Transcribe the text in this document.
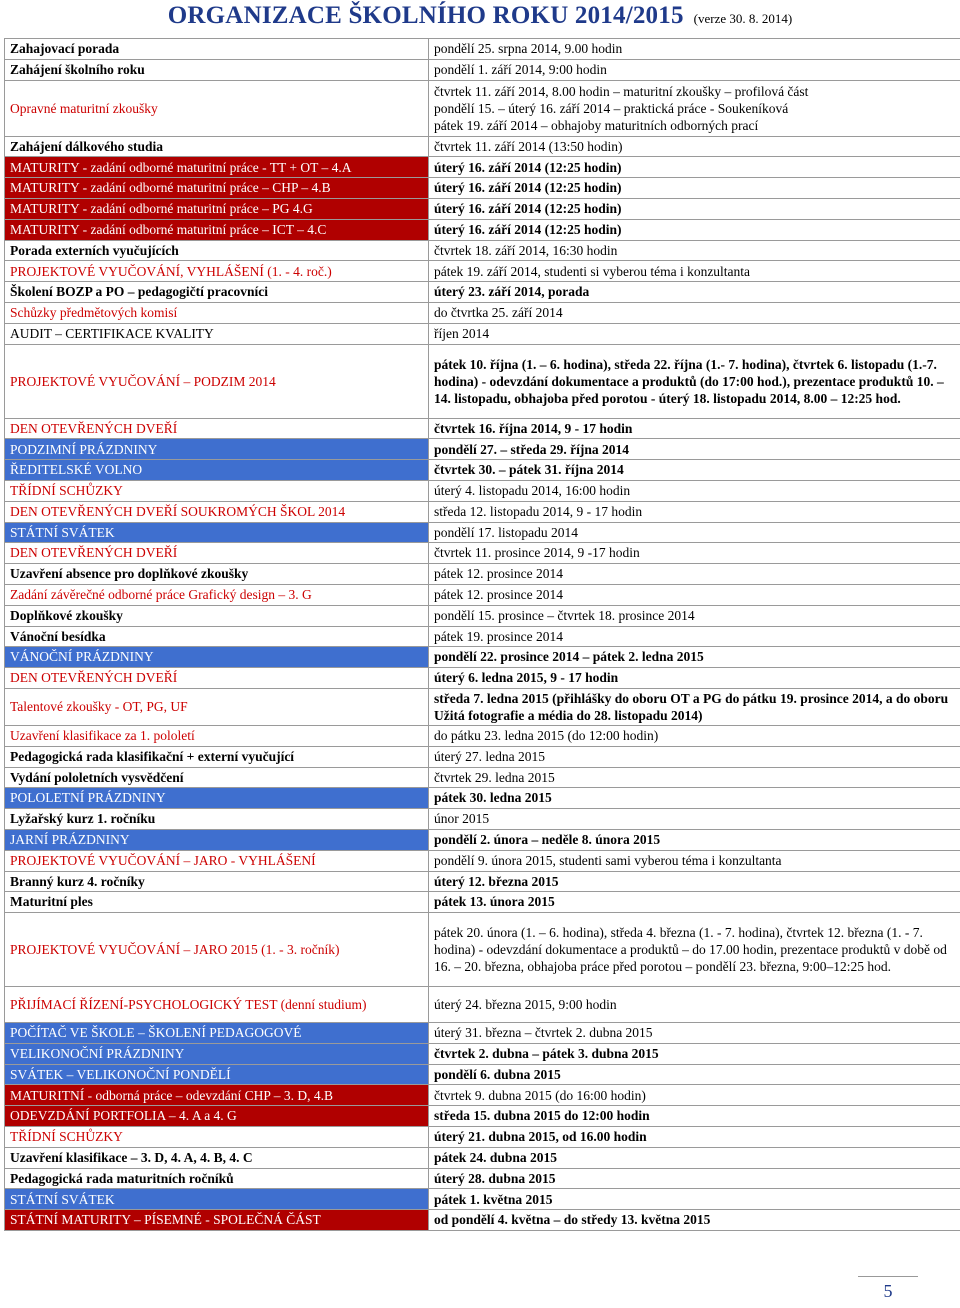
ORGANIZACE ŠKOLNÍHO ROKU 2014/2015 (verze 30. 8. 2014)
Zahajovací porada	pondělí 25. srpna 2014, 9.00 hodin
Zahájení školního roku	pondělí 1. září 2014, 9:00 hodin
Opravné maturitní zkoušky	čtvrtek 11. září 2014, 8.00 hodin – maturitní zkoušky – profilová část
pondělí 15. – úterý 16. září 2014 – praktická práce - Soukeníková
pátek 19. září 2014 – obhajoby maturitních odborných prací
Zahájení dálkového studia	čtvrtek 11. září 2014 (13:50 hodin)
MATURITY - zadání odborné maturitní práce - TT + OT – 4.A	úterý 16. září 2014 (12:25 hodin)
MATURITY - zadání odborné maturitní práce – CHP – 4.B	úterý 16. září 2014 (12:25 hodin)
MATURITY - zadání odborné maturitní práce – PG 4.G	úterý 16. září 2014 (12:25 hodin)
MATURITY - zadání odborné maturitní práce – ICT – 4.C	úterý 16. září 2014 (12:25 hodin)
Porada externích vyučujících	čtvrtek 18. září 2014, 16:30 hodin
PROJEKTOVÉ VYUČOVÁNÍ, VYHLÁŠENÍ (1. - 4. roč.)	pátek 19. září 2014, studenti si vyberou téma i konzultanta
Školení BOZP a PO – pedagogičtí pracovníci	úterý 23. září 2014, porada
Schůzky předmětových komisí	do čtvrtka 25. září 2014
AUDIT – CERTIFIKACE KVALITY	říjen 2014
PROJEKTOVÉ VYUČOVÁNÍ – PODZIM 2014	pátek 10. října (1. – 6. hodina), středa 22. října (1.- 7. hodina), čtvrtek 6. listopadu (1.-7. hodina) - odevzdání dokumentace a produktů (do 17:00 hod.), prezentace produktů 10. – 14. listopadu, obhajoba před porotou - úterý 18. listopadu 2014, 8.00 – 12:25 hod.
DEN OTEVŘENÝCH DVEŘÍ	čtvrtek 16. října 2014, 9 - 17 hodin
PODZIMNÍ PRÁZDNINY	pondělí 27. – středa 29. října 2014
ŘEDITELSKÉ VOLNO	čtvrtek 30. – pátek 31. října 2014
TŘÍDNÍ SCHŮZKY	úterý 4. listopadu 2014, 16:00 hodin
DEN OTEVŘENÝCH DVEŘÍ SOUKROMÝCH ŠKOL 2014	středa 12. listopadu 2014, 9 - 17 hodin
STÁTNÍ SVÁTEK	pondělí 17. listopadu 2014
DEN OTEVŘENÝCH DVEŘÍ	čtvrtek 11. prosince 2014, 9 -17 hodin
Uzavření absence pro doplňkové zkoušky	pátek 12. prosince 2014
Zadání závěrečné odborné práce Grafický design – 3. G	pátek 12. prosince 2014
Doplňkové zkoušky	pondělí 15. prosince – čtvrtek 18. prosince 2014
Vánoční besídka	pátek 19. prosince 2014
VÁNOČNÍ PRÁZDNINY	pondělí 22. prosince 2014 – pátek 2. ledna 2015
DEN OTEVŘENÝCH DVEŘÍ	úterý 6. ledna 2015, 9 - 17 hodin
Talentové zkoušky - OT, PG, UF	středa 7. ledna 2015 (přihlášky do oboru OT a PG do pátku 19. prosince 2014, a do oboru Užitá fotografie a média do 28. listopadu 2014)
Uzavření klasifikace za 1. pololetí	do pátku 23. ledna 2015 (do 12:00 hodin)
Pedagogická rada klasifikační + externí vyučující	úterý 27. ledna 2015
Vydání pololetních vysvědčení	čtvrtek 29. ledna 2015
POLOLETNÍ PRÁZDNINY	pátek 30. ledna 2015
Lyžařský kurz 1. ročníku	únor 2015
JARNÍ PRÁZDNINY	pondělí 2. února – neděle 8. února 2015
PROJEKTOVÉ VYUČOVÁNÍ – JARO - VYHLÁŠENÍ	pondělí 9. února 2015, studenti sami vyberou téma i konzultanta
Branný kurz 4. ročníky	úterý 12. března 2015
Maturitní ples	pátek 13. února 2015
PROJEKTOVÉ VYUČOVÁNÍ – JARO 2015 (1. - 3. ročník)	pátek 20. února (1. – 6. hodina), středa 4. března (1. - 7. hodina), čtvrtek 12. března (1. - 7. hodina) - odevzdání dokumentace a produktů – do 17.00 hodin, prezentace produktů v době od 16. – 20. března, obhajoba práce před porotou – pondělí 23. března, 9:00–12:25 hod.
PŘIJÍMACÍ ŘÍZENÍ-PSYCHOLOGICKÝ TEST (denní studium)	úterý 24. března 2015, 9:00 hodin
POČÍTAČ VE ŠKOLE – ŠKOLENÍ PEDAGOGOVÉ	úterý 31. března – čtvrtek 2. dubna 2015
VELIKONOČNÍ PRÁZDNINY	čtvrtek 2. dubna – pátek 3. dubna 2015
SVÁTEK – VELIKONOČNÍ PONDĚLÍ	pondělí 6. dubna 2015
MATURITNÍ - odborná práce – odevzdání CHP – 3. D, 4.B	čtvrtek 9. dubna 2015 (do 16:00 hodin)
ODEVZDÁNÍ PORTFOLIA – 4. A a 4. G	středa 15. dubna 2015 do 12:00 hodin
TŘÍDNÍ SCHŮZKY	úterý 21. dubna 2015, od 16.00 hodin
Uzavření klasifikace – 3. D, 4. A, 4. B, 4. C	pátek 24. dubna 2015
Pedagogická rada maturitních ročníků	úterý 28. dubna 2015
STÁTNÍ SVÁTEK	pátek 1. května 2015
STÁTNÍ MATURITY – PÍSEMNÉ - SPOLEČNÁ ČÁST	od pondělí 4. května – do středy 13. května 2015
5
